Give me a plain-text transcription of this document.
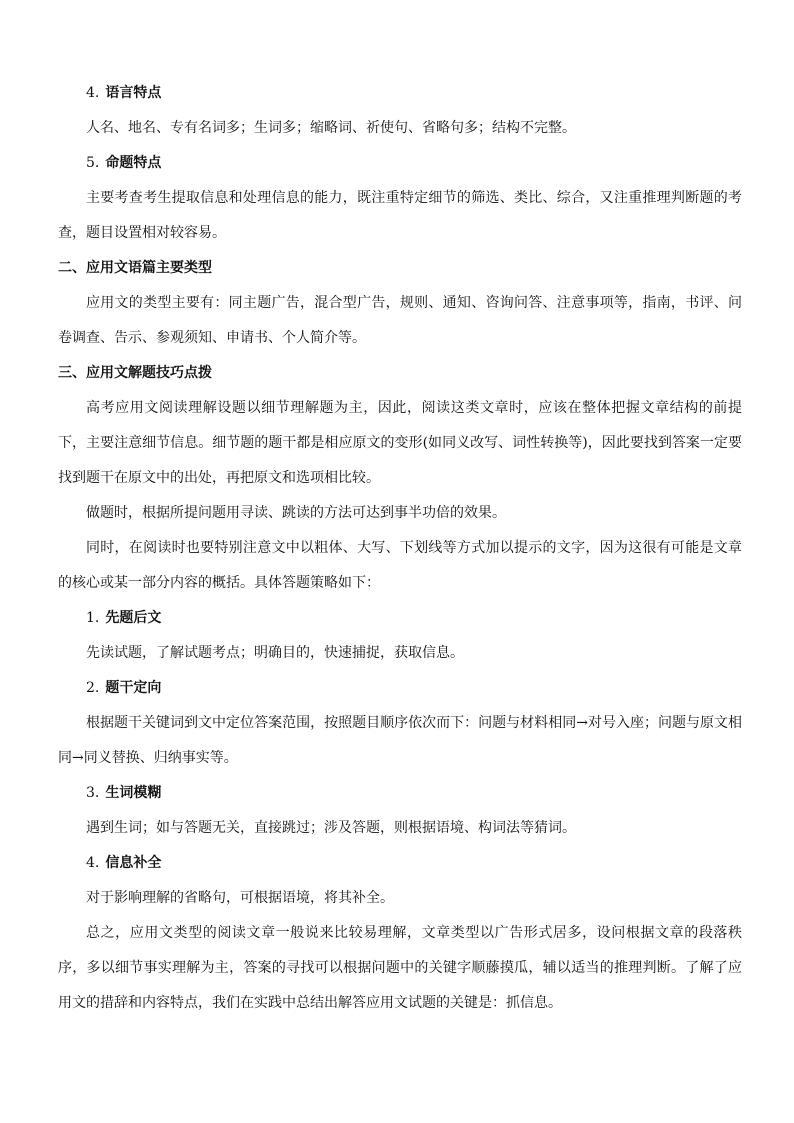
4. 语言特点

人名、地名、专有名词多；生词多；缩略词、祈使句、省略句多；结构不完整。

5. 命题特点

主要考查考生提取信息和处理信息的能力，既注重特定细节的筛选、类比、综合，又注重推理判断题的考查，题目设置相对较容易。

二、应用文语篇主要类型

应用文的类型主要有：同主题广告，混合型广告，规则、通知、咨询问答、注意事项等，指南，书评、问卷调查、告示、参观须知、申请书、个人简介等。

三、应用文解题技巧点拨

高考应用文阅读理解设题以细节理解题为主，因此，阅读这类文章时，应该在整体把握文章结构的前提下，主要注意细节信息。细节题的题干都是相应原文的变形(如同义改写、词性转换等)，因此要找到答案一定要找到题干在原文中的出处，再把原文和选项相比较。

做题时，根据所提问题用寻读、跳读的方法可达到事半功倍的效果。

同时，在阅读时也要特别注意文中以粗体、大写、下划线等方式加以提示的文字，因为这很有可能是文章的核心或某一部分内容的概括。具体答题策略如下：

1. 先题后文

先读试题，了解试题考点；明确目的，快速捕捉，获取信息。

2. 题干定向

根据题干关键词到文中定位答案范围，按照题目顺序依次而下：问题与材料相同→对号入座；问题与原文相同→同义替换、归纳事实等。

3. 生词模糊

遇到生词；如与答题无关，直接跳过；涉及答题，则根据语境、构词法等猜词。

4. 信息补全

对于影响理解的省略句，可根据语境，将其补全。

总之，应用文类型的阅读文章一般说来比较易理解，文章类型以广告形式居多，设问根据文章的段落秩序，多以细节事实理解为主，答案的寻找可以根据问题中的关键字顺藤摸瓜，辅以适当的推理判断。了解了应用文的措辞和内容特点，我们在实践中总结出解答应用文试题的关键是：抓信息。
